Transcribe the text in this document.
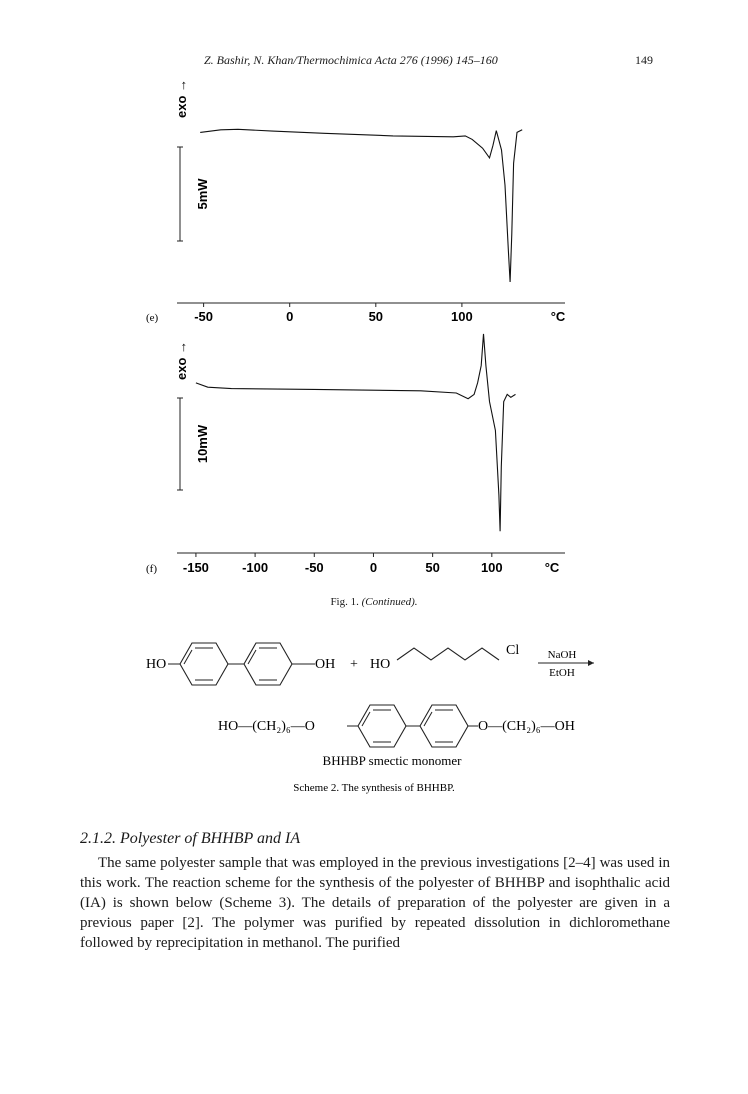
Z. Bashir, N. Khan/Thermochimica Acta 276 (1996) 145–160	149
exo →
5mW
(e)	-50	0	50	100	°C
exo →
10mW
(f) -150	-100	-50	0	50	100	°C
Fig. 1. (Continued).
HO	OH + HO
Cl	NaOH
EtOH
HO—(CH₂)₆—O	O—(CH₂)₆—OH
BHHBP smectic monomer
Scheme 2. The synthesis of BHHBP.
2.1.2. Polyester of BHHBP and IA
The same polyester sample that was employed in the previous investigations [2–4] was used in this work. The reaction scheme for the synthesis of the polyester of BHHBP and isophthalic acid (IA) is shown below (Scheme 3). The details of preparation of the polyester are given in a previous paper [2]. The polymer was purified by repeated dissolution in dichloromethane followed by reprecipitation in methanol. The purified
